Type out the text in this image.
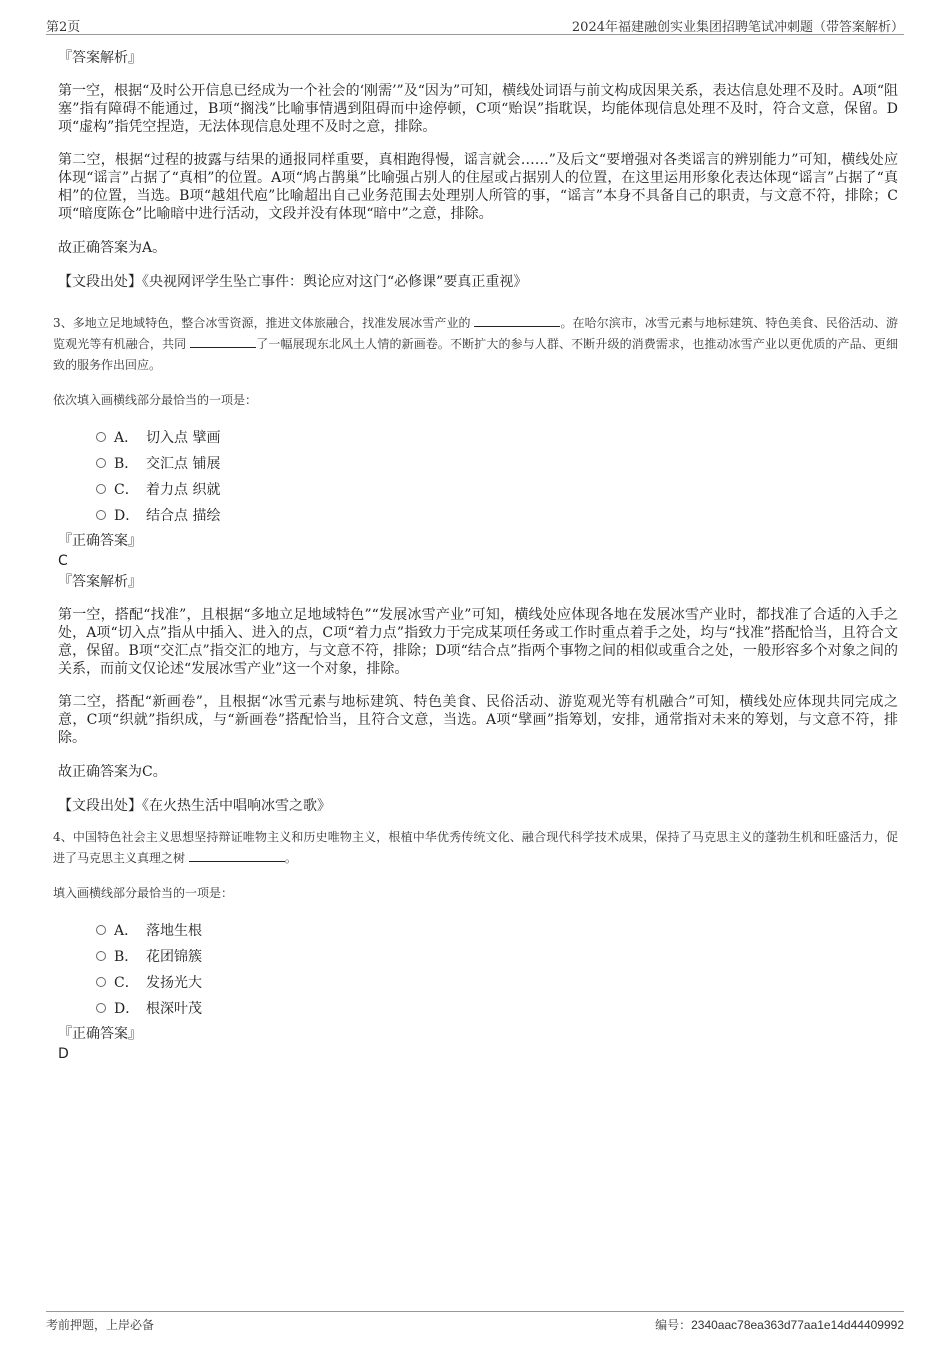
第2页	2024年福建融创实业集团招聘笔试冲刺题（带答案解析）

『答案解析』

第一空，根据“及时公开信息已经成为一个社会的‘刚需’”及“因为”可知，横线处词语与前文构成因果关系，表达信息处理不及时。A项“阻塞”指有障碍不能通过，B项“搁浅”比喻事情遇到阻碍而中途停顿，C项“贻误”指耽误，均能体现信息处理不及时，符合文意，保留。D项“虚构”指凭空捏造，无法体现信息处理不及时之意，排除。

第二空，根据“过程的披露与结果的通报同样重要，真相跑得慢，谣言就会……”及后文“要增强对各类谣言的辨别能力”可知，横线处应体现“谣言”占据了“真相”的位置。A项“鸠占鹊巢”比喻强占别人的住屋或占据别人的位置，在这里运用形象化表达体现“谣言”占据了“真相”的位置，当选。B项“越俎代庖”比喻超出自己业务范围去处理别人所管的事，“谣言”本身不具备自己的职责，与文意不符，排除；C项“暗度陈仓”比喻暗中进行活动，文段并没有体现“暗中”之意，排除。

故正确答案为A。

【文段出处】《央视网评学生坠亡事件：舆论应对这门“必修课”要真正重视》

3、多地立足地域特色，整合冰雪资源，推进文体旅融合，找准发展冰雪产业的	。在哈尔滨市，冰雪元素与地标建筑、特色美食、民俗活动、游览观光等有机融合，共同	了一幅展现东北风土人情的新画卷。不断扩大的参与人群、不断升级的消费需求，也推动冰雪产业以更优质的产品、更细致的服务作出回应。

依次填入画横线部分最恰当的一项是：

A． 切入点 擘画
B． 交汇点 铺展
C． 着力点 织就
D． 结合点 描绘

『正确答案』

C

『答案解析』

第一空，搭配“找准”，且根据“多地立足地域特色”“发展冰雪产业”可知，横线处应体现各地在发展冰雪产业时，都找准了合适的入手之处，A项“切入点”指从中插入、进入的点，C项“着力点”指致力于完成某项任务或工作时重点着手之处，均与“找准”搭配恰当，且符合文意，保留。B项“交汇点”指交汇的地方，与文意不符，排除；D项“结合点”指两个事物之间的相似或重合之处，一般形容多个对象之间的关系，而前文仅论述“发展冰雪产业”这一个对象，排除。

第二空，搭配“新画卷”，且根据“冰雪元素与地标建筑、特色美食、民俗活动、游览观光等有机融合”可知，横线处应体现共同完成之意，C项“织就”指织成，与“新画卷”搭配恰当，且符合文意，当选。A项“擘画”指筹划，安排，通常指对未来的筹划，与文意不符，排除。

故正确答案为C。

【文段出处】《在火热生活中唱响冰雪之歌》

4、中国特色社会主义思想坚持辩证唯物主义和历史唯物主义，根植中华优秀传统文化、融合现代科学技术成果，保持了马克思主义的蓬勃生机和旺盛活力，促进了马克思主义真理之树	。

填入画横线部分最恰当的一项是：

A． 落地生根
B． 花团锦簇
C． 发扬光大
D． 根深叶茂

『正确答案』

D

考前押题，上岸必备	编号：2340aac78ea363d77aa1e14d44409992
